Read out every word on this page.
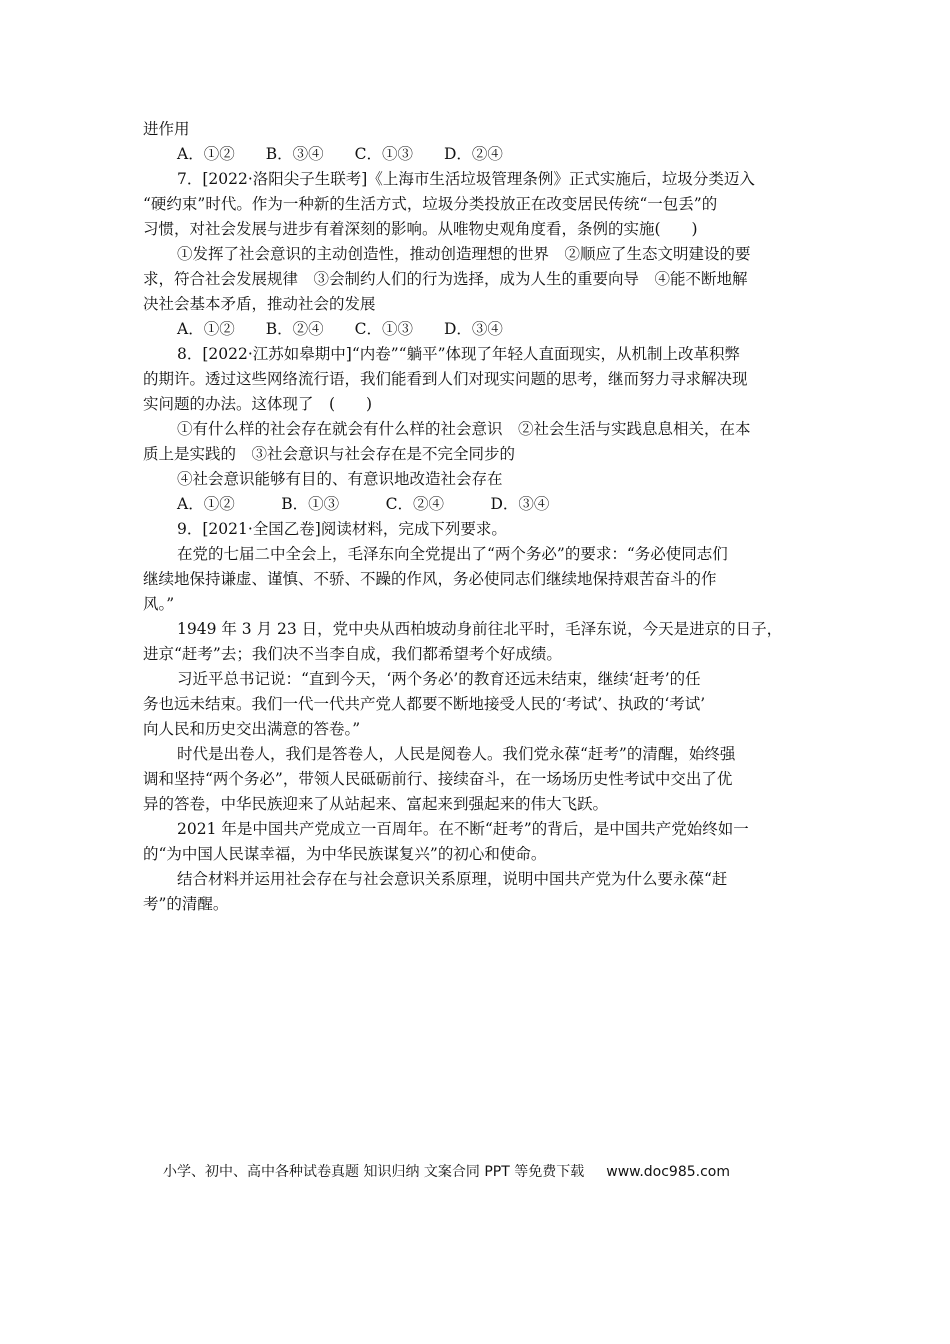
进作用
A．①②　　B．③④　　C．①③　　D．②④
7．[2022·洛阳尖子生联考]《上海市生活垃圾管理条例》正式实施后，垃圾分类迈入
“硬约束”时代。作为一种新的生活方式，垃圾分类投放正在改变居民传统“一包丢”的
习惯，对社会发展与进步有着深刻的影响。从唯物史观角度看，条例的实施(　　)
①发挥了社会意识的主动创造性，推动创造理想的世界　②顺应了生态文明建设的要
求，符合社会发展规律　③会制约人们的行为选择，成为人生的重要向导　④能不断地解
决社会基本矛盾，推动社会的发展
A．①②　　B．②④　　C．①③　　D．③④
8．[2022·江苏如皋期中]“内卷”“躺平”体现了年轻人直面现实，从机制上改革积弊
的期许。透过这些网络流行语，我们能看到人们对现实问题的思考，继而努力寻求解决现
实问题的办法。这体现了　(　　)
①有什么样的社会存在就会有什么样的社会意识　②社会生活与实践息息相关，在本
质上是实践的　③社会意识与社会存在是不完全同步的
④社会意识能够有目的、有意识地改造社会存在
A．①②　　　B．①③　　　C．②④　　　D．③④
9．[2021·全国乙卷]阅读材料，完成下列要求。
在党的七届二中全会上，毛泽东向全党提出了“两个务必”的要求：“务必使同志们
继续地保持谦虚、谨慎、不骄、不躁的作风，务必使同志们继续地保持艰苦奋斗的作
风。”
1949 年 3 月 23 日，党中央从西柏坡动身前往北平时，毛泽东说，今天是进京的日子，
进京“赶考”去；我们决不当李自成，我们都希望考个好成绩。
习近平总书记说：“直到今天，‘两个务必’的教育还远未结束，继续‘赶考’的任
务也远未结束。我们一代一代共产党人都要不断地接受人民的‘考试’、执政的‘考试’
向人民和历史交出满意的答卷。”
时代是出卷人，我们是答卷人，人民是阅卷人。我们党永葆“赶考”的清醒，始终强
调和坚持“两个务必”，带领人民砥砺前行、接续奋斗，在一场场历史性考试中交出了优
异的答卷，中华民族迎来了从站起来、富起来到强起来的伟大飞跃。
2021 年是中国共产党成立一百周年。在不断“赶考”的背后，是中国共产党始终如一
的“为中国人民谋幸福，为中华民族谋复兴”的初心和使命。
结合材料并运用社会存在与社会意识关系原理，说明中国共产党为什么要永葆“赶
考”的清醒。
小学、初中、高中各种试卷真题 知识归纳 文案合同 PPT 等免费下载 www.doc985.com
